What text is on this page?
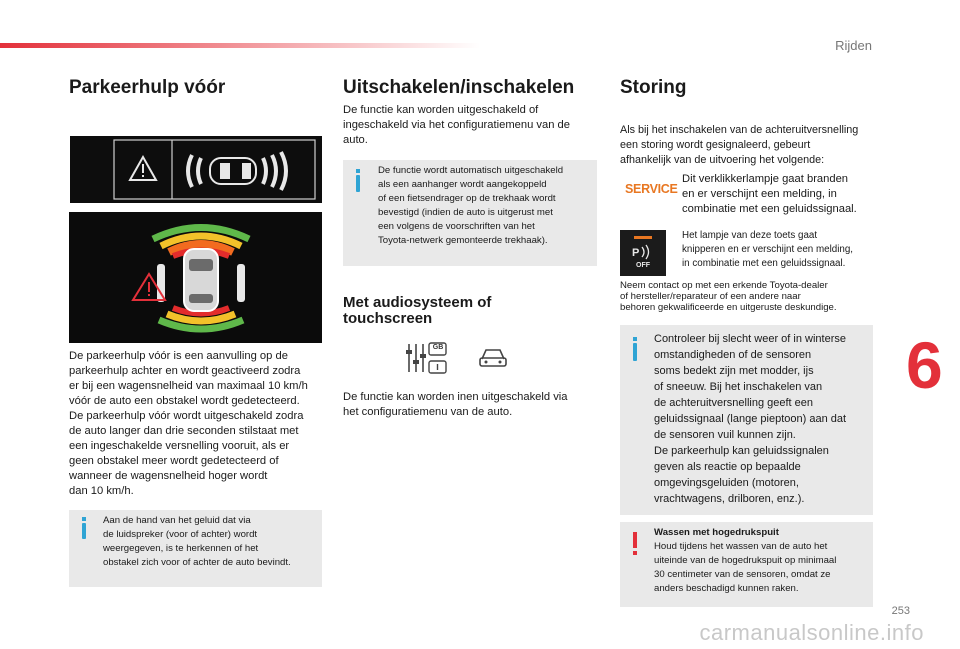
Rijden
6
253
carmanualsonline.info
Parkeerhulp vóór

De parkeerhulp vóór is een aanvulling op de
parkeerhulp achter en wordt geactiveerd zodra
er bij een wagensnelheid van maximaal 10 km/h
vóór de auto een obstakel wordt gedetecteerd.
De parkeerhulp vóór wordt uitgeschakeld zodra
de auto langer dan drie seconden stilstaat met
een ingeschakelde versnelling vooruit, als er
geen obstakel meer wordt gedetecteerd of
wanneer de wagensnelheid hoger wordt
dan 10 km/h.

Aan de hand van het geluid dat via
de luidspreker (voor of achter) wordt
weergegeven, is te herkennen of het
obstakel zich voor of achter de auto bevindt.
Uitschakelen/inschakelen

De functie kan worden uitgeschakeld of
ingeschakeld via het configuratiemenu van de
auto.

De functie wordt automatisch uitgeschakeld
als een aanhanger wordt aangekoppeld
of een fietsendrager op de trekhaak wordt
bevestigd (indien de auto is uitgerust met
een volgens de voorschriften van het
Toyota-netwerk gemonteerde trekhaak).
Met audiosysteem of
touchscreen
GB

De functie kan worden inen uitgeschakeld via
het configuratiemenu van de auto.

Storing

Als bij het inschakelen van de achteruitversnelling
een storing wordt gesignaleerd, gebeurt
afhankelijk van de uitvoering het volgende:

SERVICE

Dit verklikkerlampje gaat branden
en er verschijnt een melding, in
combinatie met een geluidssignaal.

P
OFF

Het lampje van deze toets gaat
knipperen en er verschijnt een melding,
in combinatie met een geluidssignaal.

Neem contact op met een erkende Toyota-dealer
of hersteller/reparateur of een andere naar
behoren gekwalificeerde en uitgeruste deskundige.

Controleer bij slecht weer of in winterse
omstandigheden of de sensoren
soms bedekt zijn met modder, ijs
of sneeuw. Bij het inschakelen van
de achteruitversnelling geeft een
geluidssignaal (lange pieptoon) aan dat
de sensoren vuil kunnen zijn.
De parkeerhulp kan geluidssignalen
geven als reactie op bepaalde
omgevingsgeluiden (motoren,
vrachtwagens, drilboren, enz.).
Wassen met hogedrukspuit
Houd tijdens het wassen van de auto het
uiteinde van de hogedrukspuit op minimaal
30 centimeter van de sensoren, omdat ze
anders beschadigd kunnen raken.
